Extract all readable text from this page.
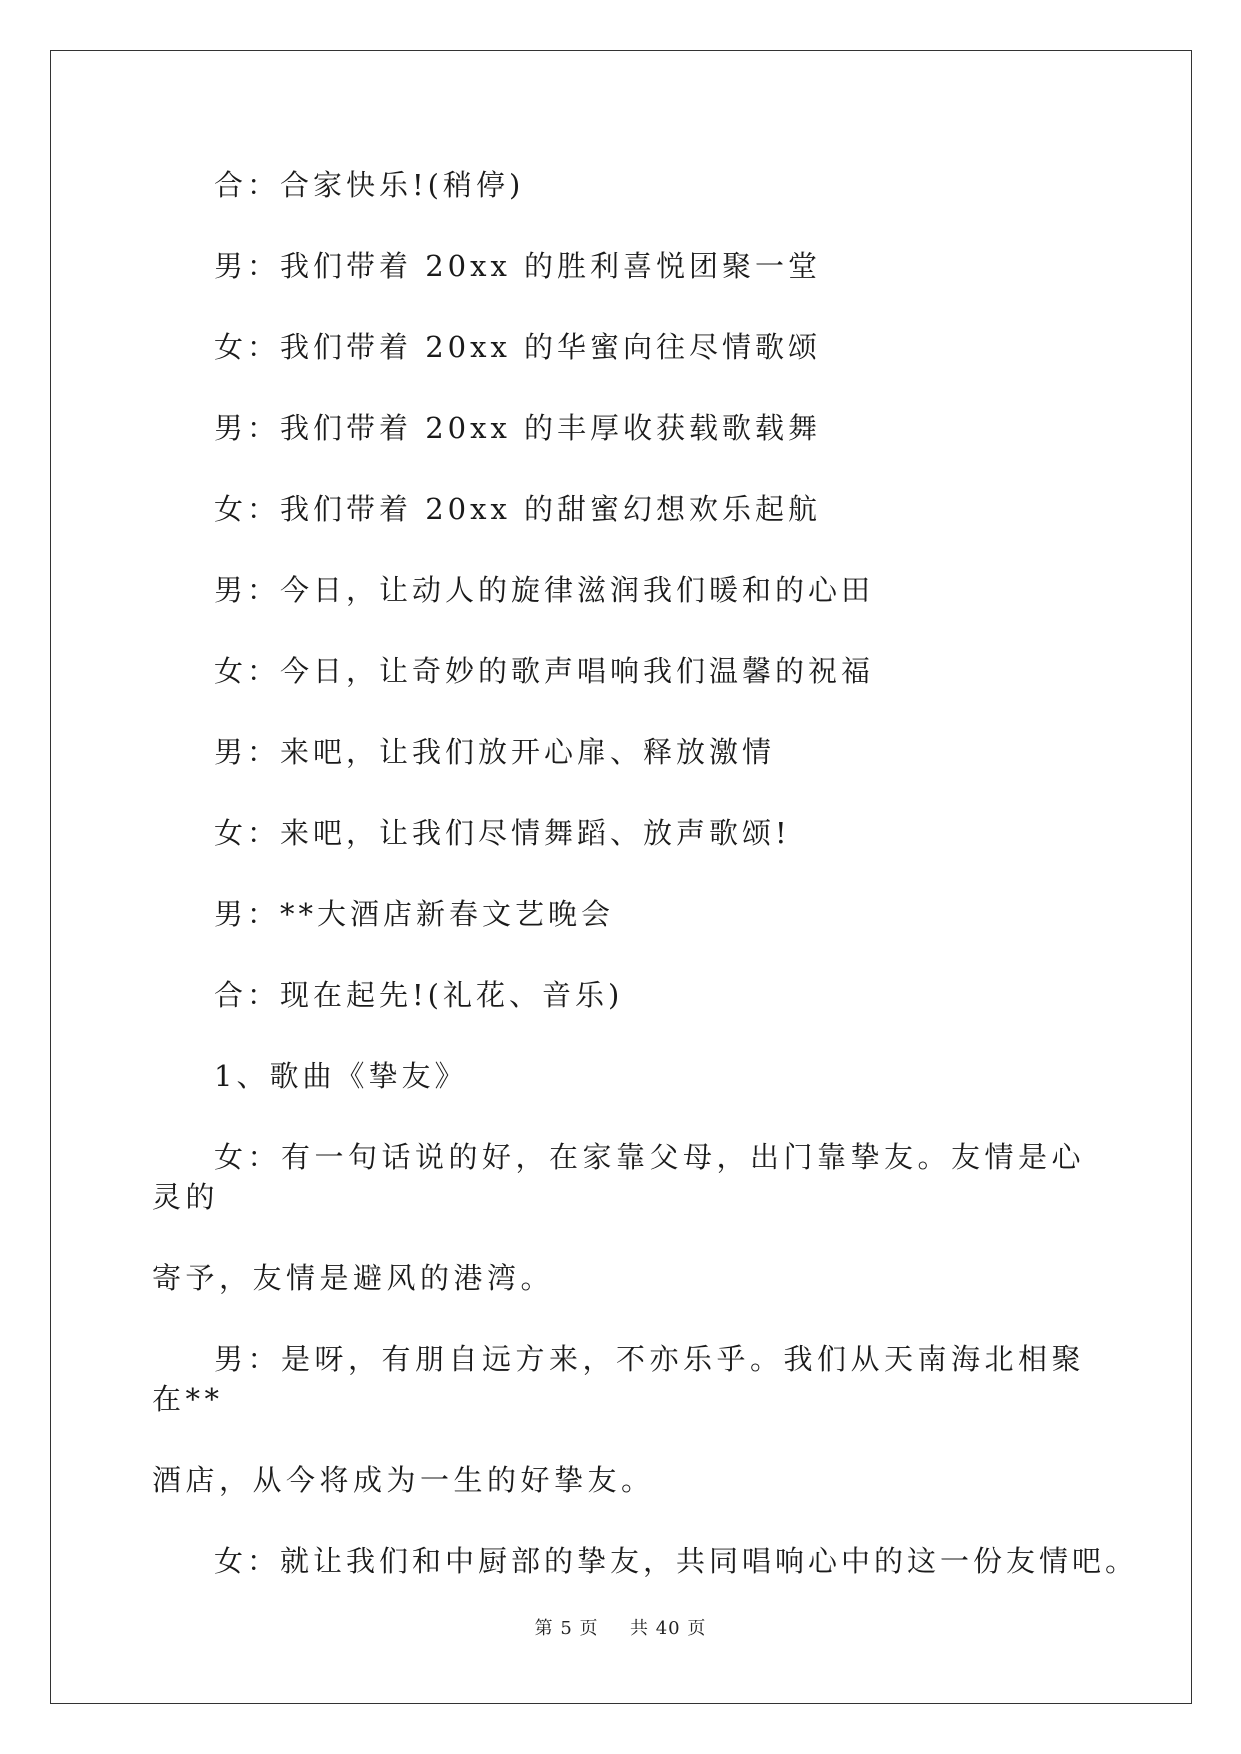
合：合家快乐!(稍停)

男：我们带着 20xx 的胜利喜悦团聚一堂

女：我们带着 20xx 的华蜜向往尽情歌颂

男：我们带着 20xx 的丰厚收获载歌载舞

女：我们带着 20xx 的甜蜜幻想欢乐起航

男：今日，让动人的旋律滋润我们暖和的心田

女：今日，让奇妙的歌声唱响我们温馨的祝福

男：来吧，让我们放开心扉、释放激情

女：来吧，让我们尽情舞蹈、放声歌颂!

男：**大酒店新春文艺晚会

合：现在起先!(礼花、音乐)

1、歌曲《挚友》

女：有一句话说的好，在家靠父母，出门靠挚友。友情是心灵的
寄予，友情是避风的港湾。

男：是呀，有朋自远方来，不亦乐乎。我们从天南海北相聚在**
酒店，从今将成为一生的好挚友。

女：就让我们和中厨部的挚友，共同唱响心中的这一份友情吧。

第 5 页 共 40 页
